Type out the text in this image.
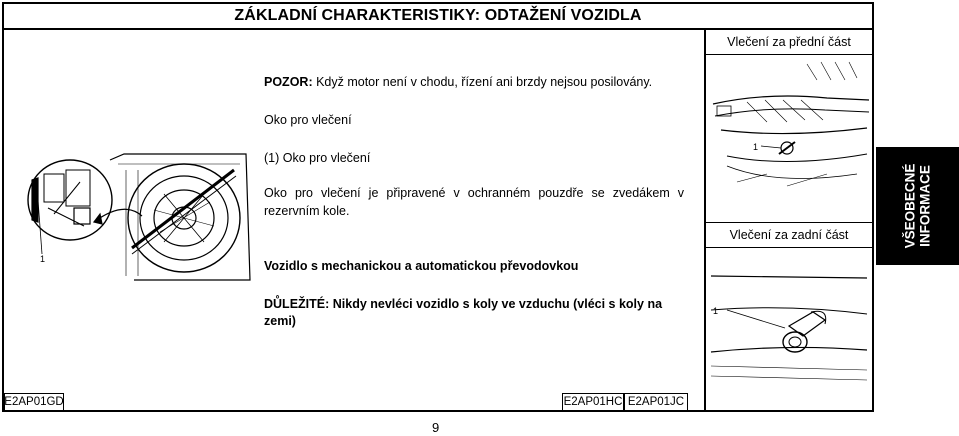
ZÁKLADNÍ CHARAKTERISTIKY: ODTAŽENÍ VOZIDLA
1
1
1
Vlečení za přední část
Vlečení za zadní část
POZOR: Když motor není v chodu, řízení ani brzdy nejsou posilovány.
Oko pro vlečení
(1) Oko pro vlečení
Oko pro vlečení je připravené v ochranném pouzdře se zvedákem v rezervním kole.
Vozidlo s mechanickou a automatickou převodovkou
DŮLEŽITÉ: Nikdy nevléci vozidlo s koly ve vzduchu (vléci s koly na zemi)
VŠEOBECNÉ INFORMACE
E2AP01GD	E2AP01HC E2AP01JC
9
